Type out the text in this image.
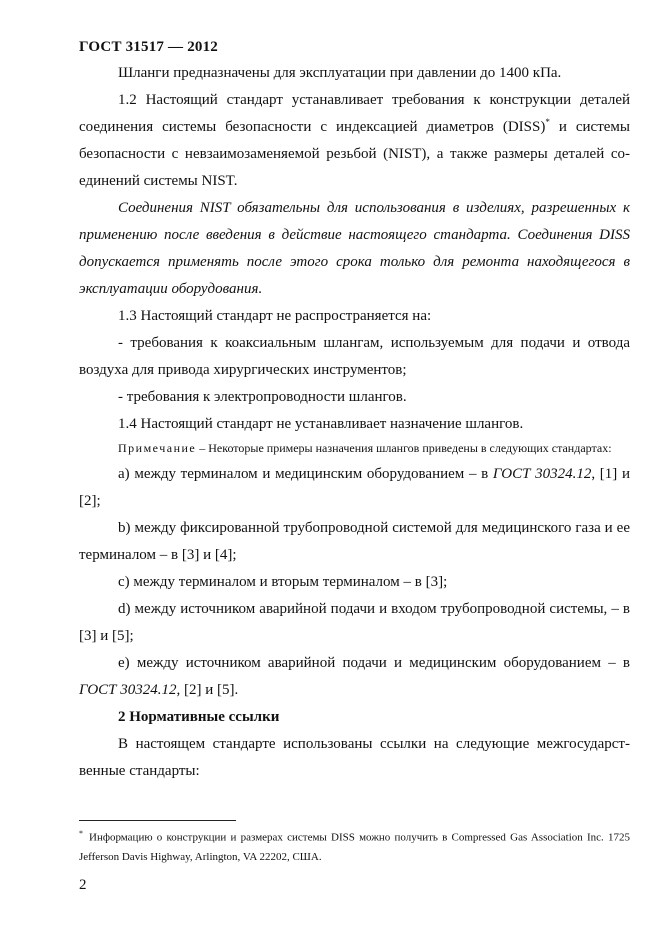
ГОСТ 31517 — 2012

Шланги предназначены для эксплуатации при давлении до 1400 кПа.

1.2 Настоящий стандарт устанавливает требования к конструкции деталей соединения системы безопасности с индексацией диаметров (DISS)* и системы безопасности с невзаимозаменяемой резьбой (NIST), а также размеры деталей соединений системы NIST.

Соединения NIST обязательны для использования в изделиях, разрешенных к применению после введения в действие настоящего стандарта. Соединения DISS допускается применять после этого срока только для ремонта находящегося в эксплуатации оборудования.

1.3 Настоящий стандарт не распространяется на:

- требования к коаксиальным шлангам, используемым для подачи и отвода воздуха для привода хирургических инструментов;

- требования к электропроводности шлангов.

1.4 Настоящий стандарт не устанавливает назначение шлангов.

Примечание – Некоторые примеры назначения шлангов приведены в следующих стандартах:

a) между терминалом и медицинским оборудованием – в ГОСТ 30324.12, [1] и [2];

b) между фиксированной трубопроводной системой для медицинского газа и ее терминалом – в [3] и [4];

c) между терминалом и вторым терминалом – в [3];

d) между источником аварийной подачи и входом трубопроводной системы, – в [3] и [5];

e) между источником аварийной подачи и медицинским оборудованием – в ГОСТ 30324.12, [2] и [5].

2 Нормативные ссылки

В настоящем стандарте использованы ссылки на следующие межгосударственные стандарты:

* Информацию о конструкции и размерах системы DISS можно получить в Compressed Gas Association Inc. 1725 Jefferson Davis Highway, Arlington, VA 22202, США.
2
